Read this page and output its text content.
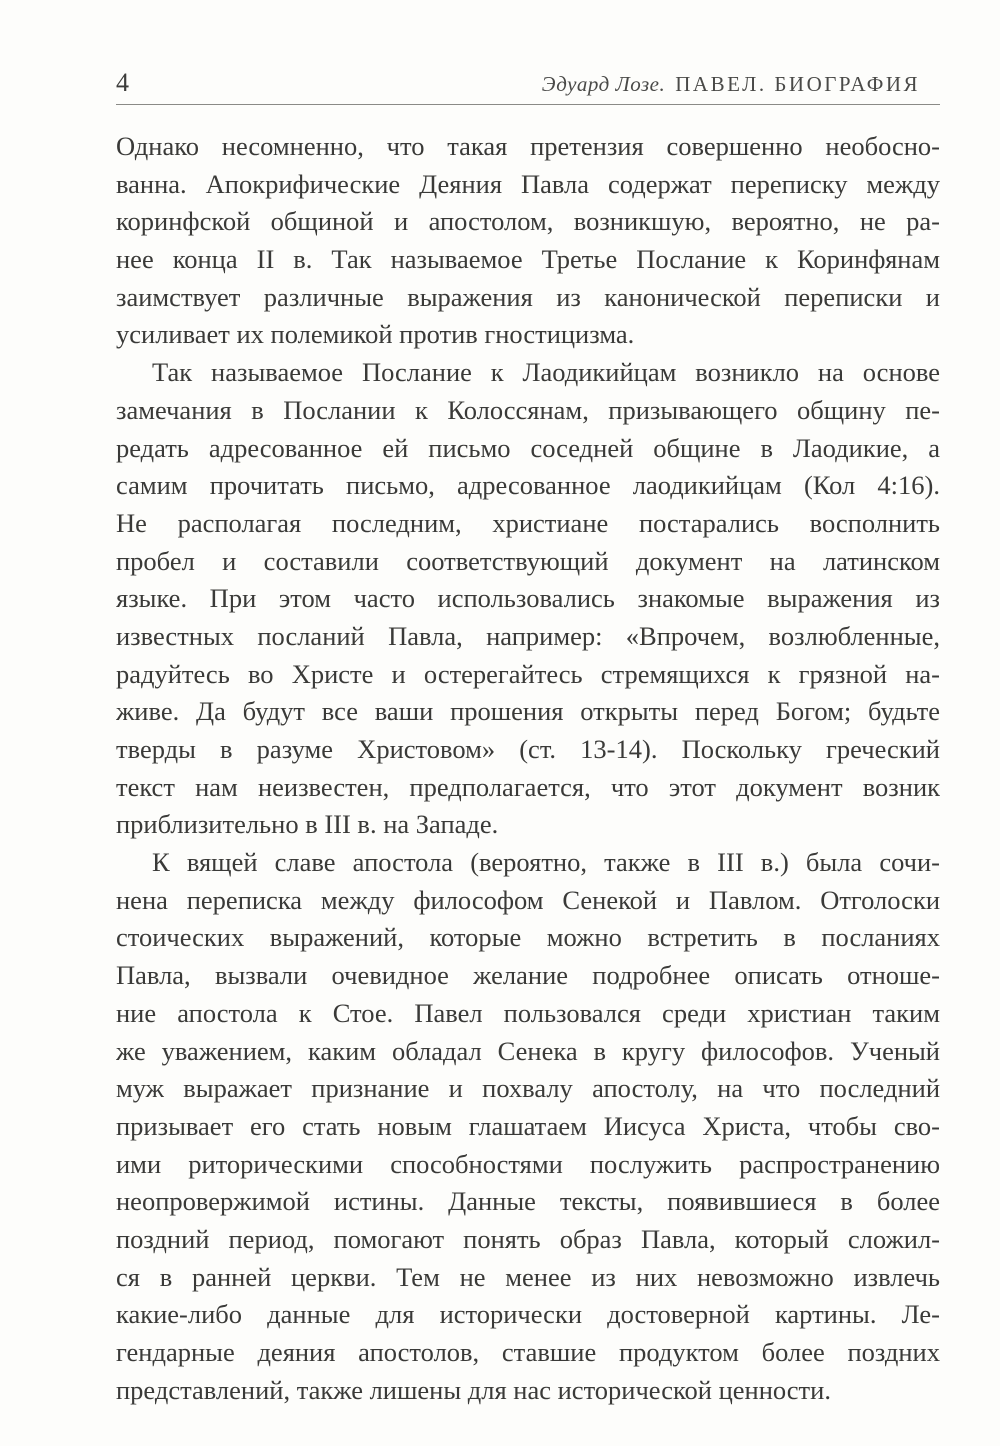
4	Эдуард Лозе. ПАВЕЛ. БИОГРАФИЯ
Однако несомненно, что такая претензия совершенно необосно-
ванна. Апокрифические Деяния Павла содержат переписку между
коринфской общиной и апостолом, возникшую, вероятно, не ра-
нее конца II в. Так называемое Третье Послание к Коринфянам
заимствует различные выражения из канонической переписки и
усиливает их полемикой против гностицизма.
Так называемое Послание к Лаодикийцам возникло на основе
замечания в Послании к Колоссянам, призывающего общину пе-
редать адресованное ей письмо соседней общине в Лаодикие, а
самим прочитать письмо, адресованное лаодикийцам (Кол 4:16).
Не располагая последним, христиане постарались восполнить
пробел и составили соответствующий документ на латинском
языке. При этом часто использовались знакомые выражения из
известных посланий Павла, например: «Впрочем, возлюбленные,
радуйтесь во Христе и остерегайтесь стремящихся к грязной на-
живе. Да будут все ваши прошения открыты перед Богом; будьте
тверды в разуме Христовом» (ст. 13-14). Поскольку греческий
текст нам неизвестен, предполагается, что этот документ возник
приблизительно в III в. на Западе.
К вящей славе апостола (вероятно, также в III в.) была сочи-
нена переписка между философом Сенекой и Павлом. Отголоски
стоических выражений, которые можно встретить в посланиях
Павла, вызвали очевидное желание подробнее описать отноше-
ние апостола к Стое. Павел пользовался среди христиан таким
же уважением, каким обладал Сенека в кругу философов. Ученый
муж выражает признание и похвалу апостолу, на что последний
призывает его стать новым глашатаем Иисуса Христа, чтобы сво-
ими риторическими способностями послужить распространению
неопровержимой истины. Данные тексты, появившиеся в более
поздний период, помогают понять образ Павла, который сложил-
ся в ранней церкви. Тем не менее из них невозможно извлечь
какие-либо данные для исторически достоверной картины. Ле-
гендарные деяния апостолов, ставшие продуктом более поздних
представлений, также лишены для нас исторической ценности.
